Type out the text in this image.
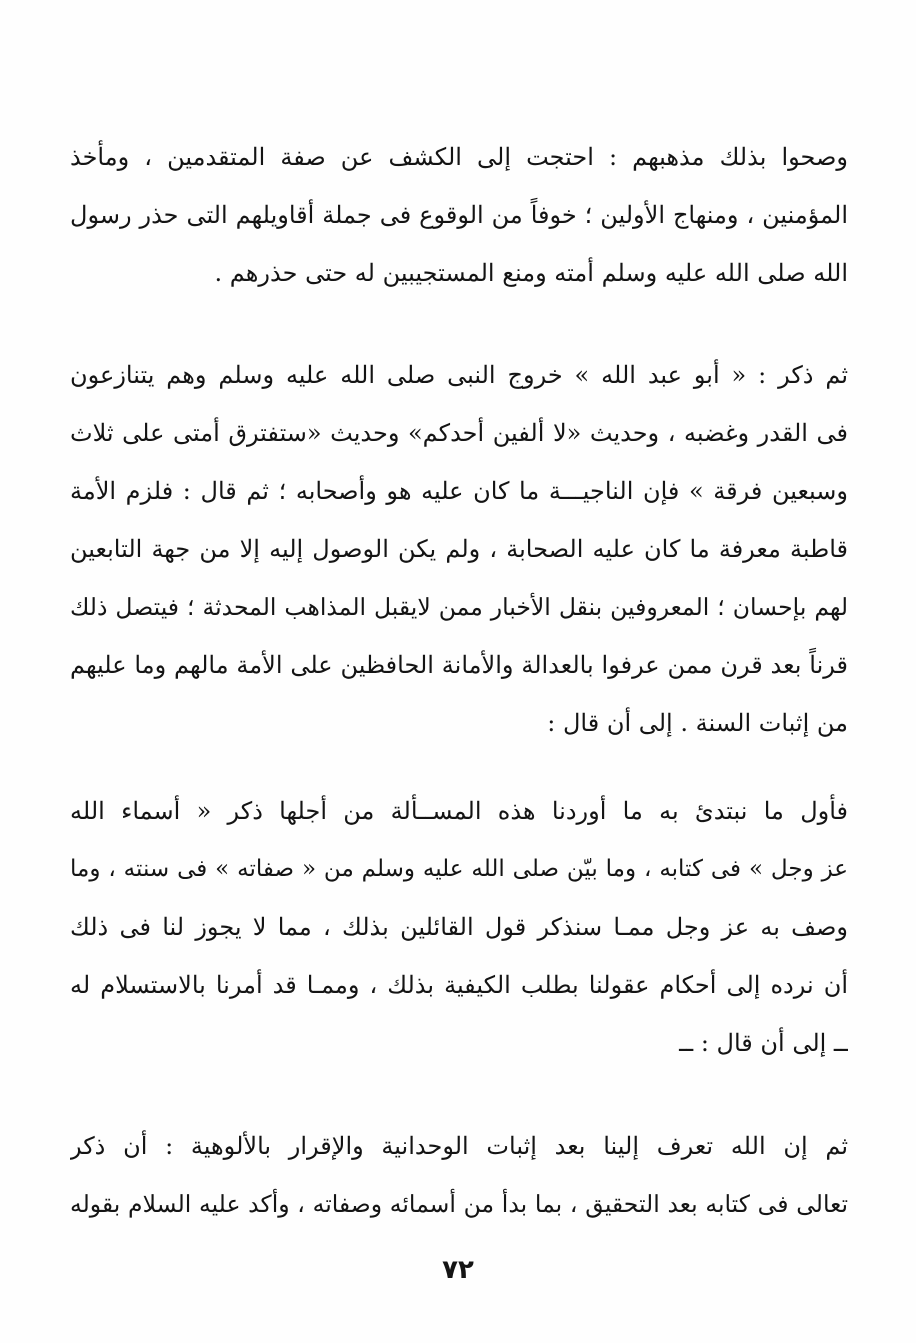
وصحوا بذلك مذهبهم : احتجت إلى الكشف عن صفة المتقدمين ، ومأخذ
المؤمنين ، ومنهاج الأولين ؛ خوفاً من الوقوع فى جملة أقاويلهم التى حذر رسول
الله صلى الله عليه وسلم أمته ومنع المستجيبين له حتى حذرهم .
ثم ذكر : « أبو عبد الله » خروج النبى صلى الله عليه وسلم وهم يتنازعون
فى القدر وغضبه ، وحديث «لا ألفين أحدكم» وحديث «ستفترق أمتى على ثلاث
وسبعين فرقة » فإن الناجيـــة ما كان عليه هو وأصحابه ؛ ثم قال : فلزم الأمة
قاطبة معرفة ما كان عليه الصحابة ، ولم يكن الوصول إليه إلا من جهة التابعين
لهم بإحسان ؛ المعروفين بنقل الأخبار ممن لايقبل المذاهب المحدثة ؛ فيتصل ذلك
قرناً بعد قرن ممن عرفوا بالعدالة والأمانة الحافظين على الأمة مالهم وما عليهم
من إثبات السنة . إلى أن قال :
فأول ما نبتدئ به ما أوردنا هذه المســألة من أجلها ذكر « أسماء الله
عز وجل » فى كتابه ، وما بيّن صلى الله عليه وسلم من « صفاته » فى سنته ، وما
وصف به عز وجل ممـا سنذكر قول القائلين بذلك ، مما لا يجوز لنا فى ذلك
أن نرده إلى أحكام عقولنا بطلب الكيفية بذلك ، وممـا قد أمرنا بالاستسلام له
ــ إلى أن قال : ــ
ثم إن الله تعرف إلينا بعد إثبات الوحدانية والإقرار بالألوهية : أن ذكر
تعالى فى كتابه بعد التحقيق ، بما بدأ من أسمائه وصفاته ، وأكد عليه السلام بقوله
٧٢
